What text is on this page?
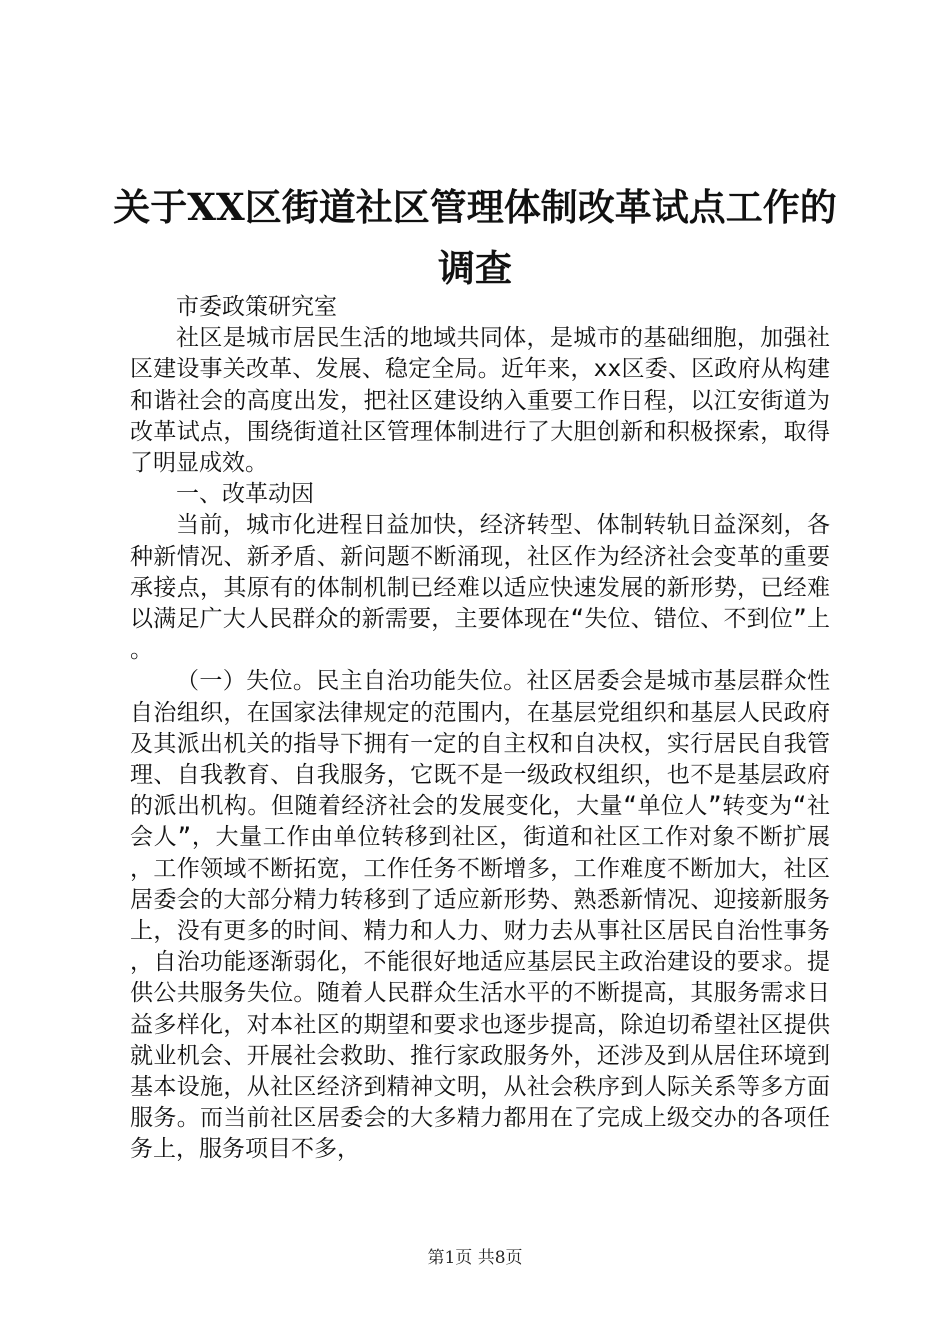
关于XX区街道社区管理体制改革试点工作的
调查

市委政策研究室

社区是城市居民生活的地域共同体，是城市的基础细胞，加强社区建设事关改革、发展、稳定全局。近年来，xx区委、区政府从构建和谐社会的高度出发，把社区建设纳入重要工作日程，以江安街道为改革试点，围绕街道社区管理体制进行了大胆创新和积极探索，取得了明显成效。

一、改革动因

当前，城市化进程日益加快，经济转型、体制转轨日益深刻，各种新情况、新矛盾、新问题不断涌现，社区作为经济社会变革的重要承接点，其原有的体制机制已经难以适应快速发展的新形势，已经难以满足广大人民群众的新需要，主要体现在“失位、错位、不到位”上。

（一）失位。民主自治功能失位。社区居委会是城市基层群众性自治组织，在国家法律规定的范围内，在基层党组织和基层人民政府及其派出机关的指导下拥有一定的自主权和自决权，实行居民自我管理、自我教育、自我服务，它既不是一级政权组织，也不是基层政府的派出机构。但随着经济社会的发展变化，大量“单位人”转变为“社会人”，大量工作由单位转移到社区，街道和社区工作对象不断扩展，工作领域不断拓宽，工作任务不断增多，工作难度不断加大，社区居委会的大部分精力转移到了适应新形势、熟悉新情况、迎接新服务上，没有更多的时间、精力和人力、财力去从事社区居民自治性事务，自治功能逐渐弱化，不能很好地适应基层民主政治建设的要求。提供公共服务失位。随着人民群众生活水平的不断提高，其服务需求日益多样化，对本社区的期望和要求也逐步提高，除迫切希望社区提供就业机会、开展社会救助、推行家政服务外，还涉及到从居住环境到基本设施，从社区经济到精神文明，从社会秩序到人际关系等多方面服务。而当前社区居委会的大多精力都用在了完成上级交办的各项任务上，服务项目不多，

第1页 共8页
